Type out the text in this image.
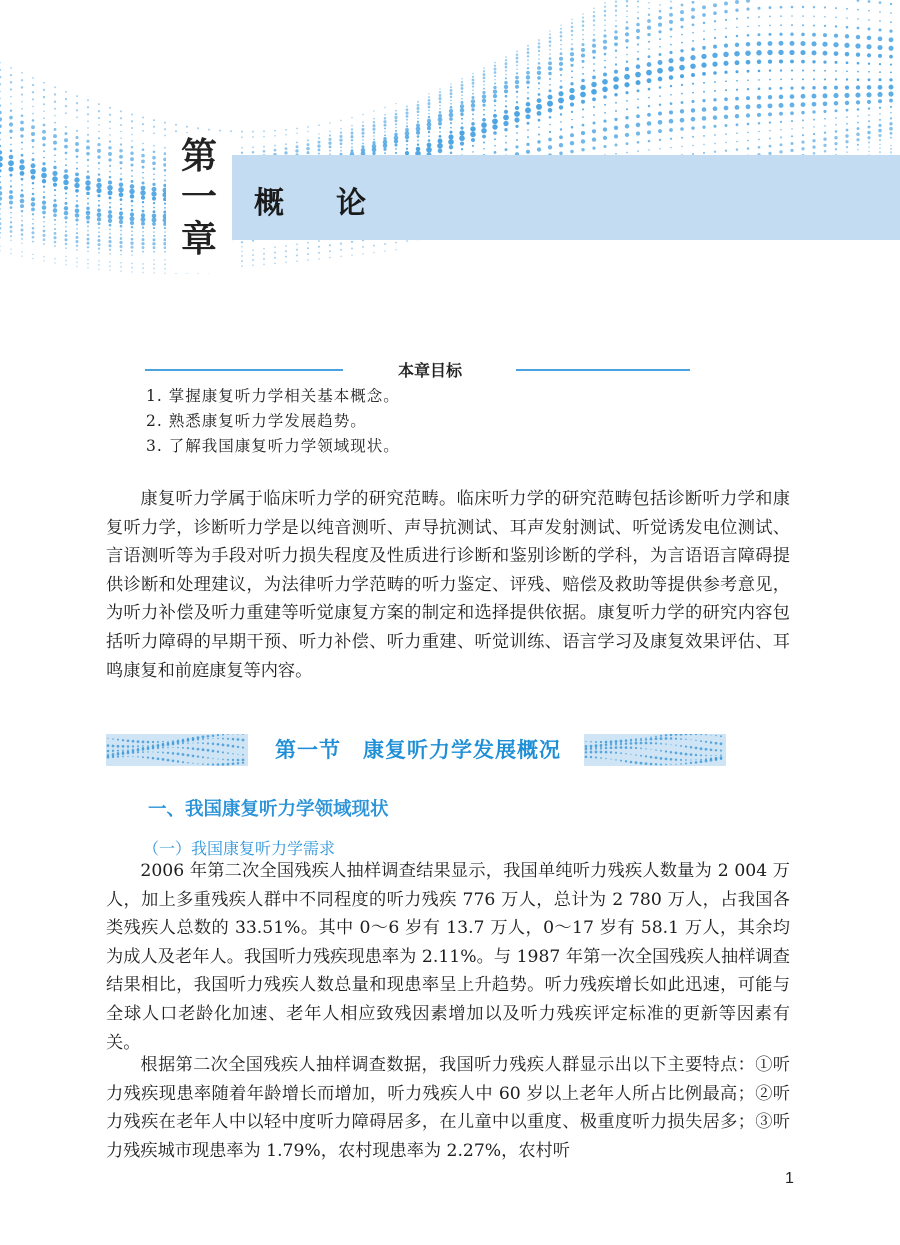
第
一
章
概论
本章目标
1. 掌握康复听力学相关基本概念。
2. 熟悉康复听力学发展趋势。
3. 了解我国康复听力学领域现状。

康复听力学属于临床听力学的研究范畴。临床听力学的研究范畴包括诊断听力学和康复听力学，诊断听力学是以纯音测听、声导抗测试、耳声发射测试、听觉诱发电位测试、言语测听等为手段对听力损失程度及性质进行诊断和鉴别诊断的学科，为言语语言障碍提供诊断和处理建议，为法律听力学范畴的听力鉴定、评残、赔偿及救助等提供参考意见，为听力补偿及听力重建等听觉康复方案的制定和选择提供依据。康复听力学的研究内容包括听力障碍的早期干预、听力补偿、听力重建、听觉训练、语言学习及康复效果评估、耳鸣康复和前庭康复等内容。

第一节　康复听力学发展概况
一、我国康复听力学领域现状
（一）我国康复听力学需求

2006 年第二次全国残疾人抽样调查结果显示，我国单纯听力残疾人数量为 2 004 万人，加上多重残疾人群中不同程度的听力残疾 776 万人，总计为 2 780 万人，占我国各类残疾人总数的 33.51%。其中 0～6 岁有 13.7 万人，0～17 岁有 58.1 万人，其余均为成人及老年人。我国听力残疾现患率为 2.11%。与 1987 年第一次全国残疾人抽样调查结果相比，我国听力残疾人数总量和现患率呈上升趋势。听力残疾增长如此迅速，可能与全球人口老龄化加速、老年人相应致残因素增加以及听力残疾评定标准的更新等因素有关。

根据第二次全国残疾人抽样调查数据，我国听力残疾人群显示出以下主要特点：①听力残疾现患率随着年龄增长而增加，听力残疾人中 60 岁以上老年人所占比例最高；②听力残疾在老年人中以轻中度听力障碍居多，在儿童中以重度、极重度听力损失居多；③听力残疾城市现患率为 1.79%，农村现患率为 2.27%，农村听

1
